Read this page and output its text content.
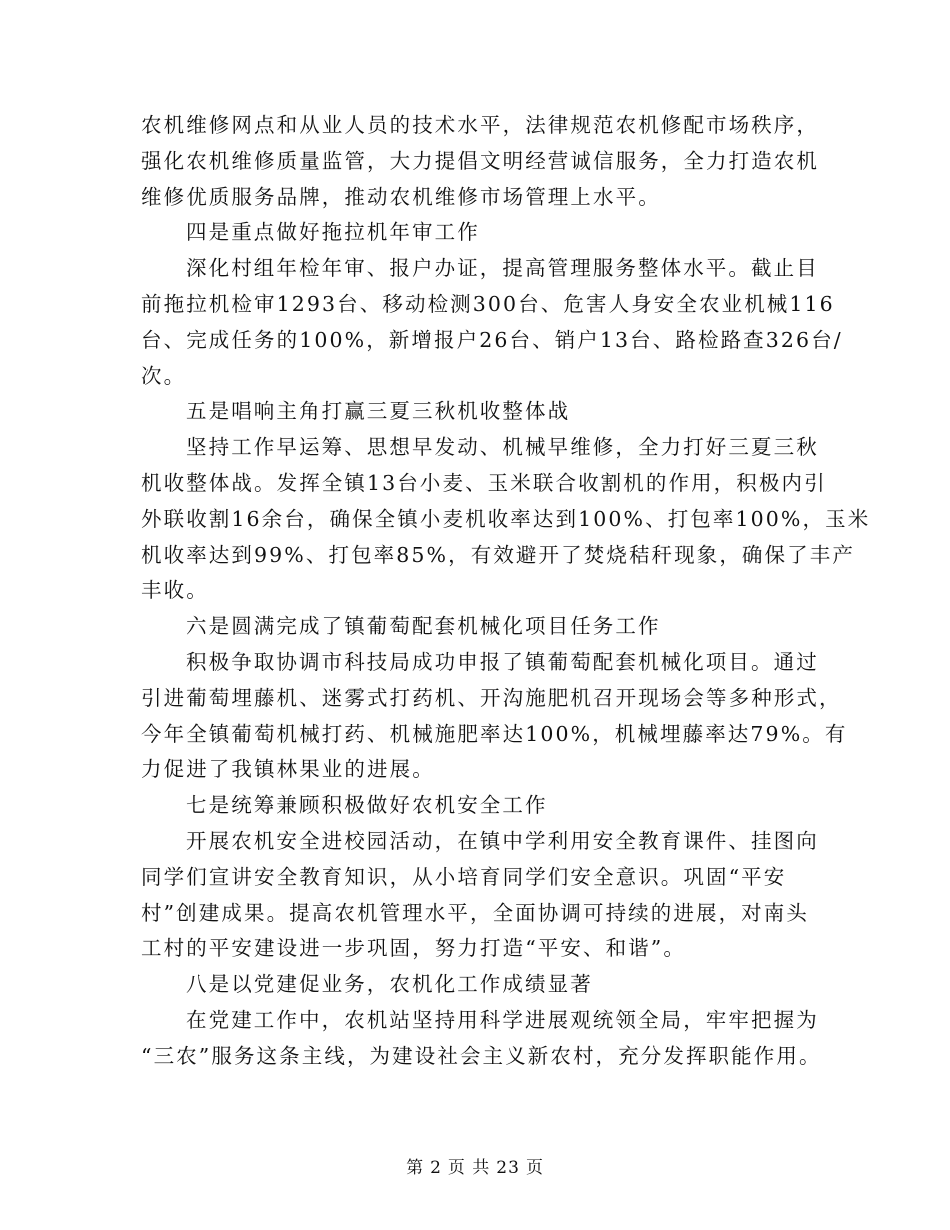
农机维修网点和从业人员的技术水平，法律规范农机修配市场秩序，
强化农机维修质量监管，大力提倡文明经营诚信服务，全力打造农机
维修优质服务品牌，推动农机维修市场管理上水平。
四是重点做好拖拉机年审工作
深化村组年检年审、报户办证，提高管理服务整体水平。截止目
前拖拉机检审1293台、移动检测300台、危害人身安全农业机械116
台、完成任务的100%，新增报户26台、销户13台、路检路查326台/
次。
五是唱响主角打赢三夏三秋机收整体战
坚持工作早运筹、思想早发动、机械早维修，全力打好三夏三秋
机收整体战。发挥全镇13台小麦、玉米联合收割机的作用，积极内引
外联收割16余台，确保全镇小麦机收率达到100%、打包率100%，玉米
机收率达到99%、打包率85%，有效避开了焚烧秸秆现象，确保了丰产
丰收。
六是圆满完成了镇葡萄配套机械化项目任务工作
积极争取协调市科技局成功申报了镇葡萄配套机械化项目。通过
引进葡萄埋藤机、迷雾式打药机、开沟施肥机召开现场会等多种形式，
今年全镇葡萄机械打药、机械施肥率达100%，机械埋藤率达79%。有
力促进了我镇林果业的进展。
七是统筹兼顾积极做好农机安全工作
开展农机安全进校园活动，在镇中学利用安全教育课件、挂图向
同学们宣讲安全教育知识，从小培育同学们安全意识。巩固“平安
村”创建成果。提高农机管理水平，全面协调可持续的进展，对南头
工村的平安建设进一步巩固，努力打造“平安、和谐”。
八是以党建促业务，农机化工作成绩显著
在党建工作中，农机站坚持用科学进展观统领全局，牢牢把握为
“三农”服务这条主线，为建设社会主义新农村，充分发挥职能作用。
第 2 页 共 23 页
